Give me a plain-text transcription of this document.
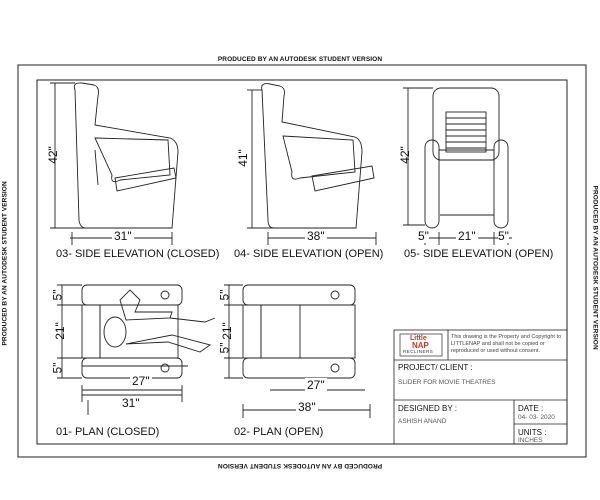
Little
NAP
RECLINERS
PRODUCED BY AN AUTODESK STUDENT VERSION
PRODUCED BY AN AUTODESK STUDENT VERSION
PRODUCED BY AN AUTODESK STUDENT VERSION	PRODUCED BY AN AUTODESK STUDENT VERSION
03- SIDE ELEVATION (CLOSED) 04- SIDE ELEVATION (OPEN) 05- SIDE ELEVATION (OPEN)
01- PLAN (CLOSED)	02- PLAN (OPEN)
42"
31"
41"
38"
42"
5" 21" 5"
5"
21"
5"
27"
31"
5"
21"
5"
27"
38"
This drawing is the Property and Copyright to
LITTLENAP and shall not be copied or
reproduced or used without consent.
PROJECT/ CLIENT :
SLIDER FOR MOVIE THEATRES
DESIGNED BY :
ASHISH ANAND
DATE :
04- 03- 2020
UNITS :
INCHES
